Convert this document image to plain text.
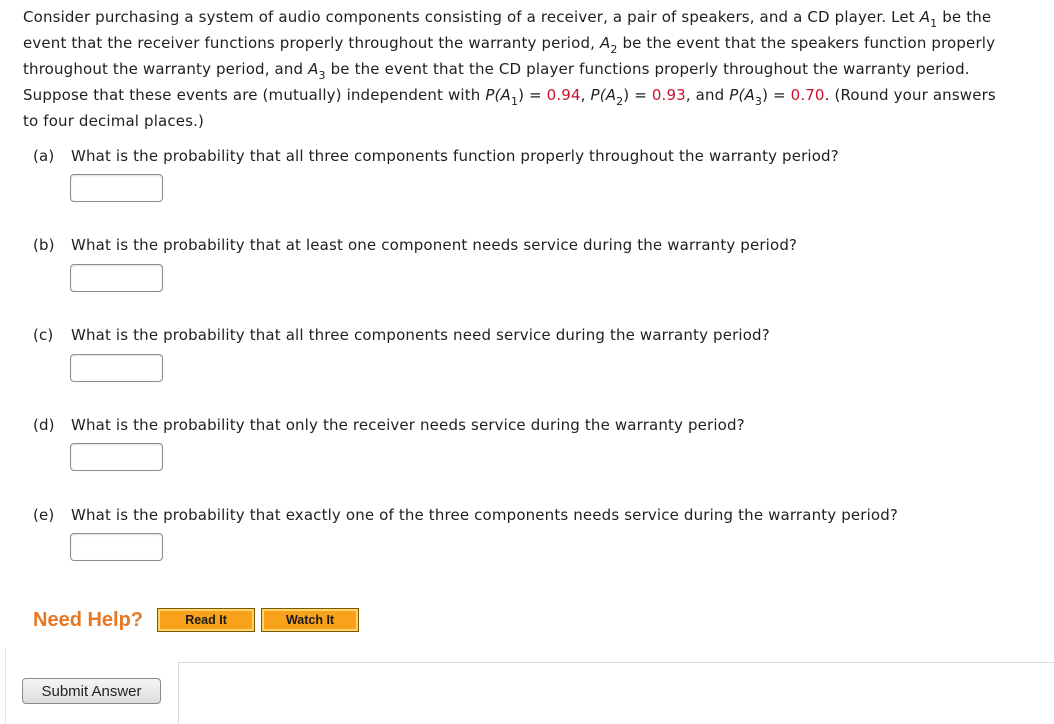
Consider purchasing a system of audio components consisting of a receiver, a pair of speakers, and a CD player. Let $A_1$ be the
event that the receiver functions properly throughout the warranty period, $A_2$ be the event that the speakers function properly
throughout the warranty period, and $A_3$ be the event that the CD player functions properly throughout the warranty period.
Suppose that these events are (mutually) independent with $P(A_1) = 0.94$, $P(A_2) = 0.93$, and $P(A_3) = 0.70$. (Round your answers
to four decimal places.)
(a) What is the probability that all three components function properly throughout the warranty period?
(b) What is the probability that at least one component needs service during the warranty period?
(c) What is the probability that all three components need service during the warranty period?
(d) What is the probability that only the receiver needs service during the warranty period?
(e) What is the probability that exactly one of the three components needs service during the warranty period?
Need Help?	Read It	Watch It
Submit Answer
